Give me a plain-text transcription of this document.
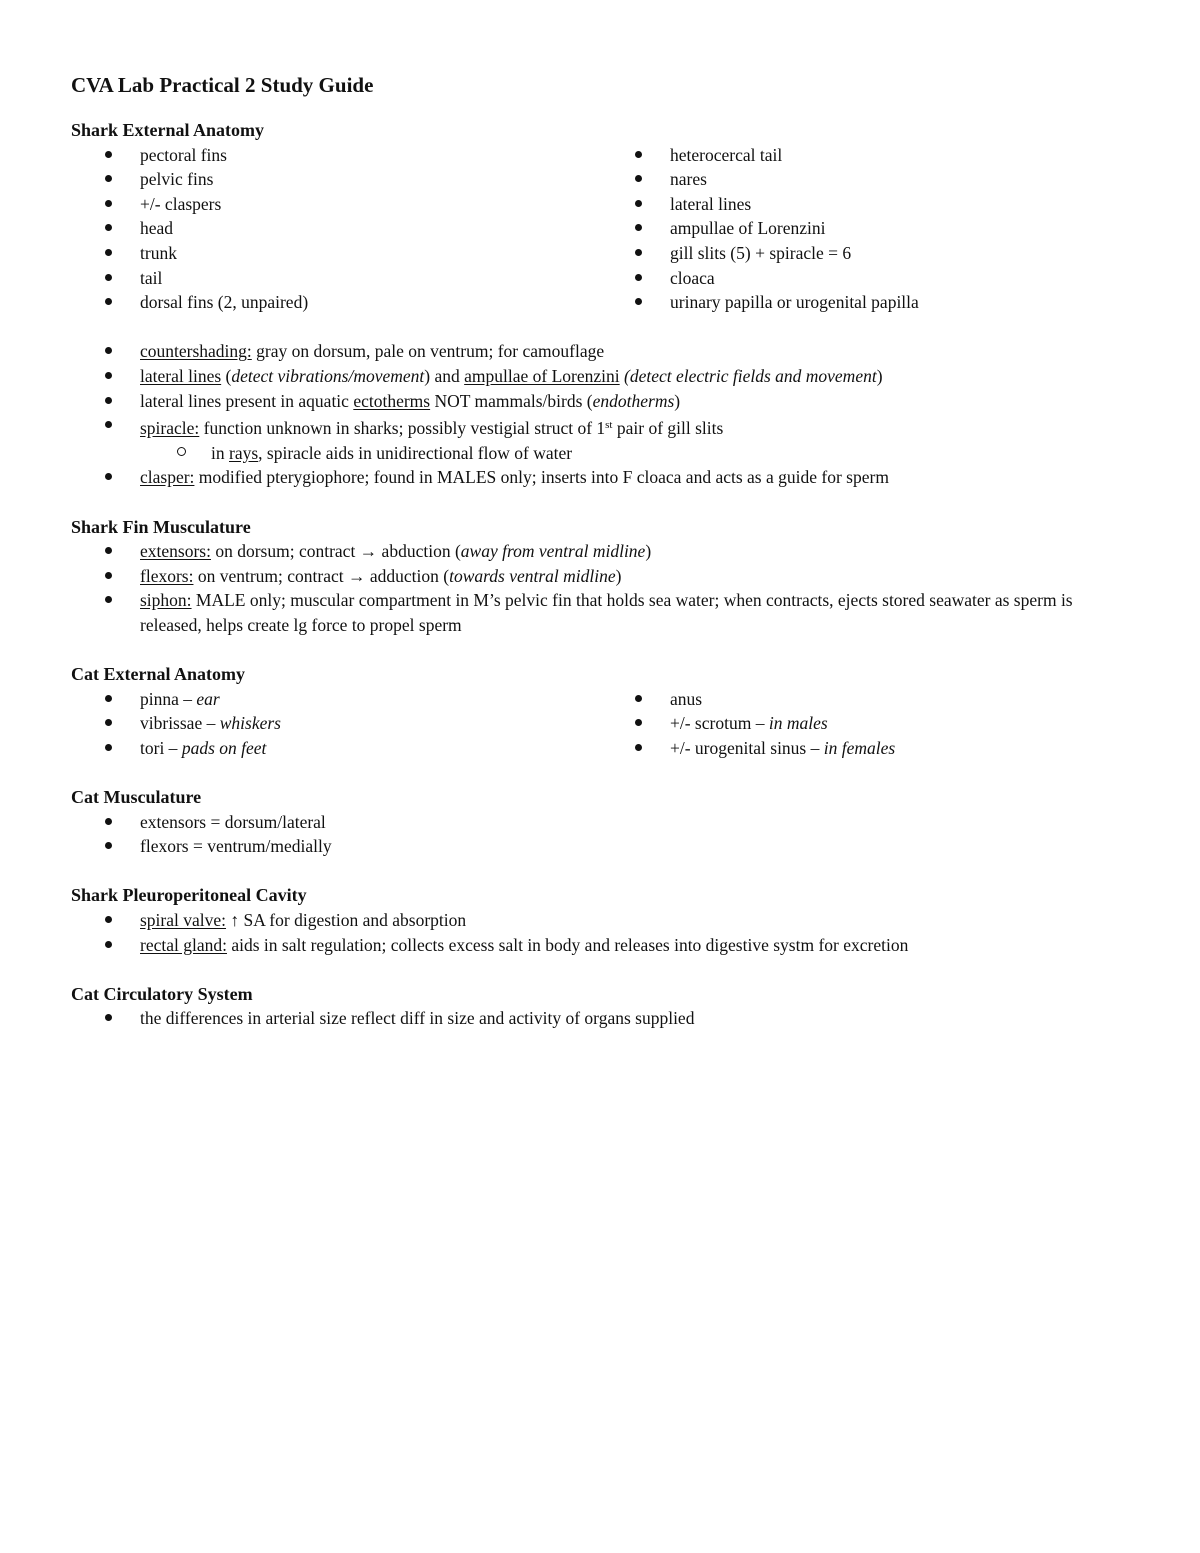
CVA Lab Practical 2 Study Guide
Shark External Anatomy
pectoral fins
pelvic fins
+/- claspers
head
trunk
tail
dorsal fins (2, unpaired)
heterocercal tail
nares
lateral lines
ampullae of Lorenzini
gill slits (5) + spiracle = 6
cloaca
urinary papilla or urogenital papilla
countershading: gray on dorsum, pale on ventrum; for camouflage
lateral lines (detect vibrations/movement) and ampullae of Lorenzini (detect electric fields and movement)
lateral lines present in aquatic ectotherms NOT mammals/birds (endotherms)
spiracle: function unknown in sharks; possibly vestigial struct of 1st pair of gill slits
in rays, spiracle aids in unidirectional flow of water
clasper: modified pterygiophore; found in MALES only; inserts into F cloaca and acts as a guide for sperm
Shark Fin Musculature
extensors: on dorsum; contract → abduction (away from ventral midline)
flexors: on ventrum; contract → adduction (towards ventral midline)
siphon: MALE only; muscular compartment in M’s pelvic fin that holds sea water; when contracts, ejects stored seawater as sperm is released, helps create lg force to propel sperm
Cat External Anatomy
pinna – ear
vibrissae – whiskers
tori – pads on feet
anus
+/- scrotum – in males
+/- urogenital sinus – in females
Cat Musculature
extensors = dorsum/lateral
flexors = ventrum/medially
Shark Pleuroperitoneal Cavity
spiral valve: ↑ SA for digestion and absorption
rectal gland: aids in salt regulation; collects excess salt in body and releases into digestive systm for excretion
Cat Circulatory System
the differences in arterial size reflect diff in size and activity of organs supplied
